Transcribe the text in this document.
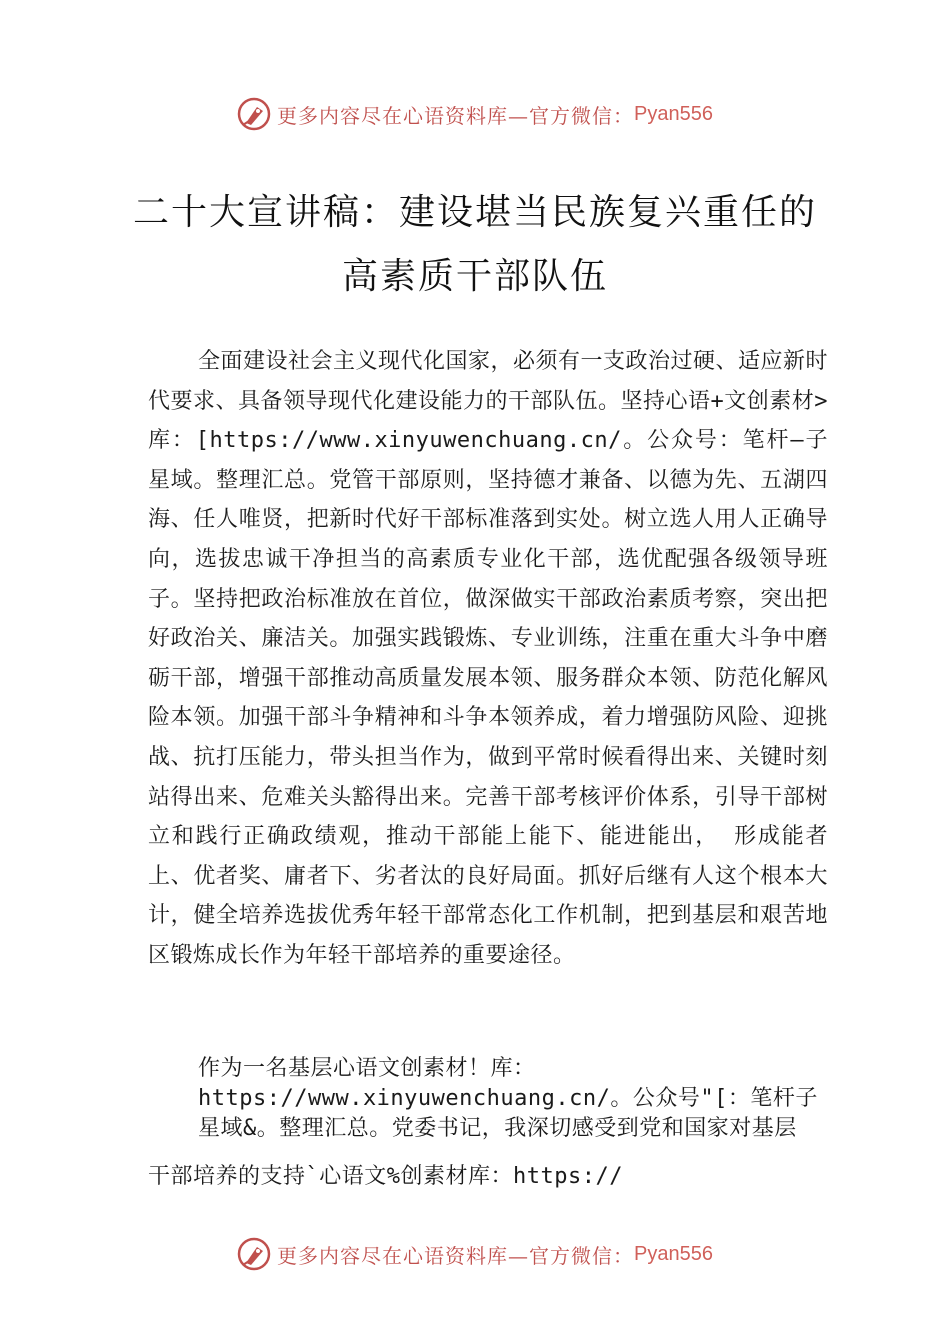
更多内容尽在心语资料库—官方微信： Pyan556
二十大宣讲稿：建设堪当民族复兴重任的
高素质干部队伍
全面建设社会主义现代化国家，必须有一支政治过硬、适应新时代要求、具备领导现代化建设能力的干部队伍。坚持心语+文创素材>库：[https://www.xinyuwenchuang.cn/。公众号：笔杆—子星域。整理汇总。党管干部原则，坚持德才兼备、以德为先、五湖四海、任人唯贤，把新时代好干部标准落到实处。树立选人用人正确导向，选拔忠诚干净担当的高素质专业化干部，选优配强各级领导班子。坚持把政治标准放在首位，做深做实干部政治素质考察，突出把好政治关、廉洁关。加强实践锻炼、专业训练，注重在重大斗争中磨砺干部，增强干部推动高质量发展本领、服务群众本领、防范化解风险本领。加强干部斗争精神和斗争本领养成，着力增强防风险、迎挑战、抗打压能力，带头担当作为，做到平常时候看得出来、关键时刻站得出来、危难关头豁得出来。完善干部考核评价体系，引导干部树立和践行正确政绩观，推动干部能上能下、能进能出， 形成能者上、优者奖、庸者下、劣者汰的良好局面。抓好后继有人这个根本大计，健全培养选拔优秀年轻干部常态化工作机制，把到基层和艰苦地区锻炼成长作为年轻干部培养的重要途径。
作为一名基层心语文创素材！库：https://www.xinyuwenchuang.cn/。公众号"[：笔杆子星域&。整理汇总。党委书记，我深切感受到党和国家对基层
干部培养的支持`心语文%创素材库：https://
更多内容尽在心语资料库—官方微信： Pyan556
